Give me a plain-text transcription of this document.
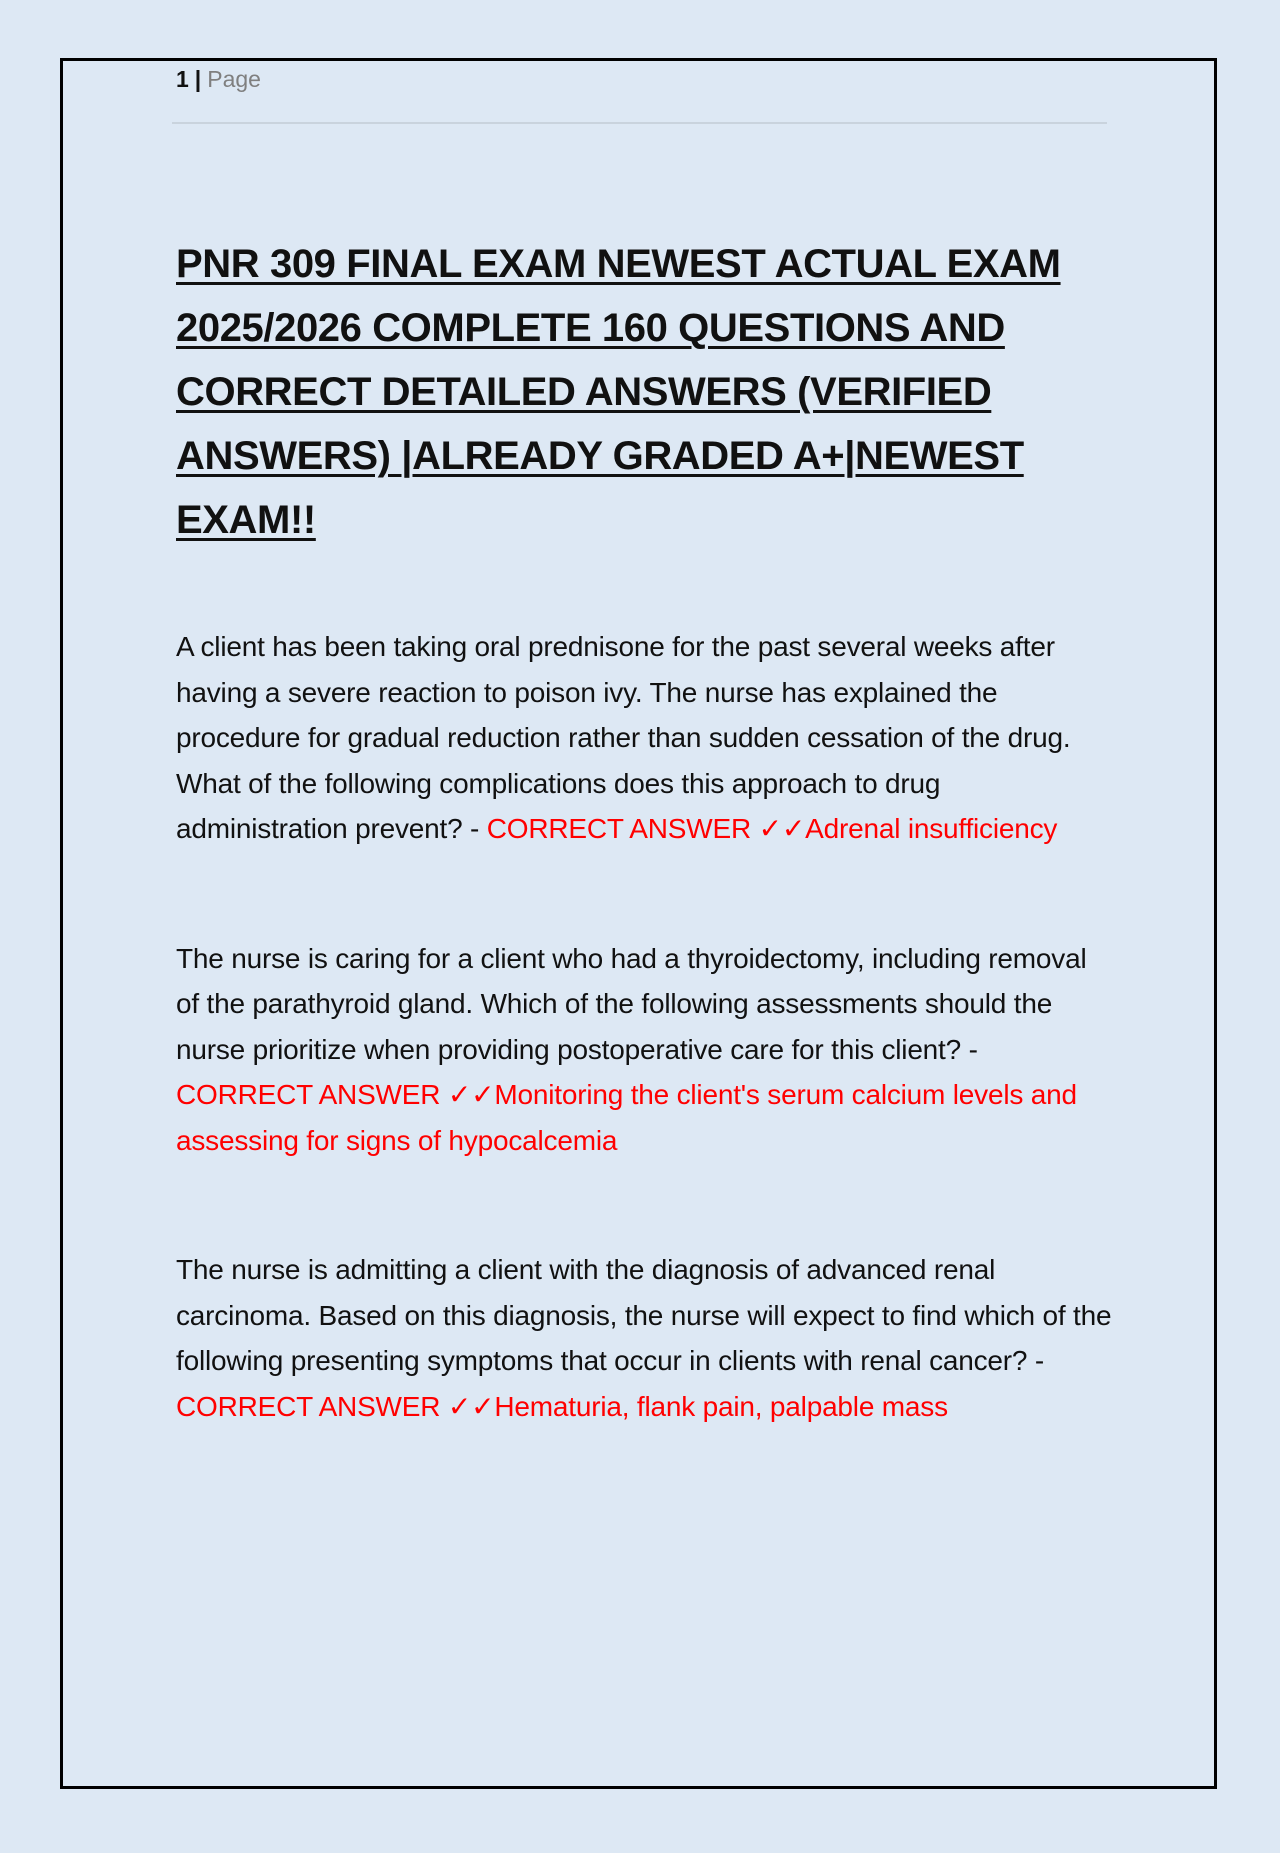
1 | Page
PNR 309 FINAL EXAM NEWEST ACTUAL EXAM 2025/2026 COMPLETE 160 QUESTIONS AND CORRECT DETAILED ANSWERS (VERIFIED ANSWERS) |ALREADY GRADED A+|NEWEST EXAM!!

A client has been taking oral prednisone for the past several weeks after having a severe reaction to poison ivy. The nurse has explained the procedure for gradual reduction rather than sudden cessation of the drug. What of the following complications does this approach to drug administration prevent? - CORRECT ANSWER ✓✓Adrenal insufficiency

The nurse is caring for a client who had a thyroidectomy, including removal of the parathyroid gland. Which of the following assessments should the nurse prioritize when providing postoperative care for this client? - CORRECT ANSWER ✓✓Monitoring the client's serum calcium levels and assessing for signs of hypocalcemia

The nurse is admitting a client with the diagnosis of advanced renal carcinoma. Based on this diagnosis, the nurse will expect to find which of the following presenting symptoms that occur in clients with renal cancer? - CORRECT ANSWER ✓✓Hematuria, flank pain, palpable mass
